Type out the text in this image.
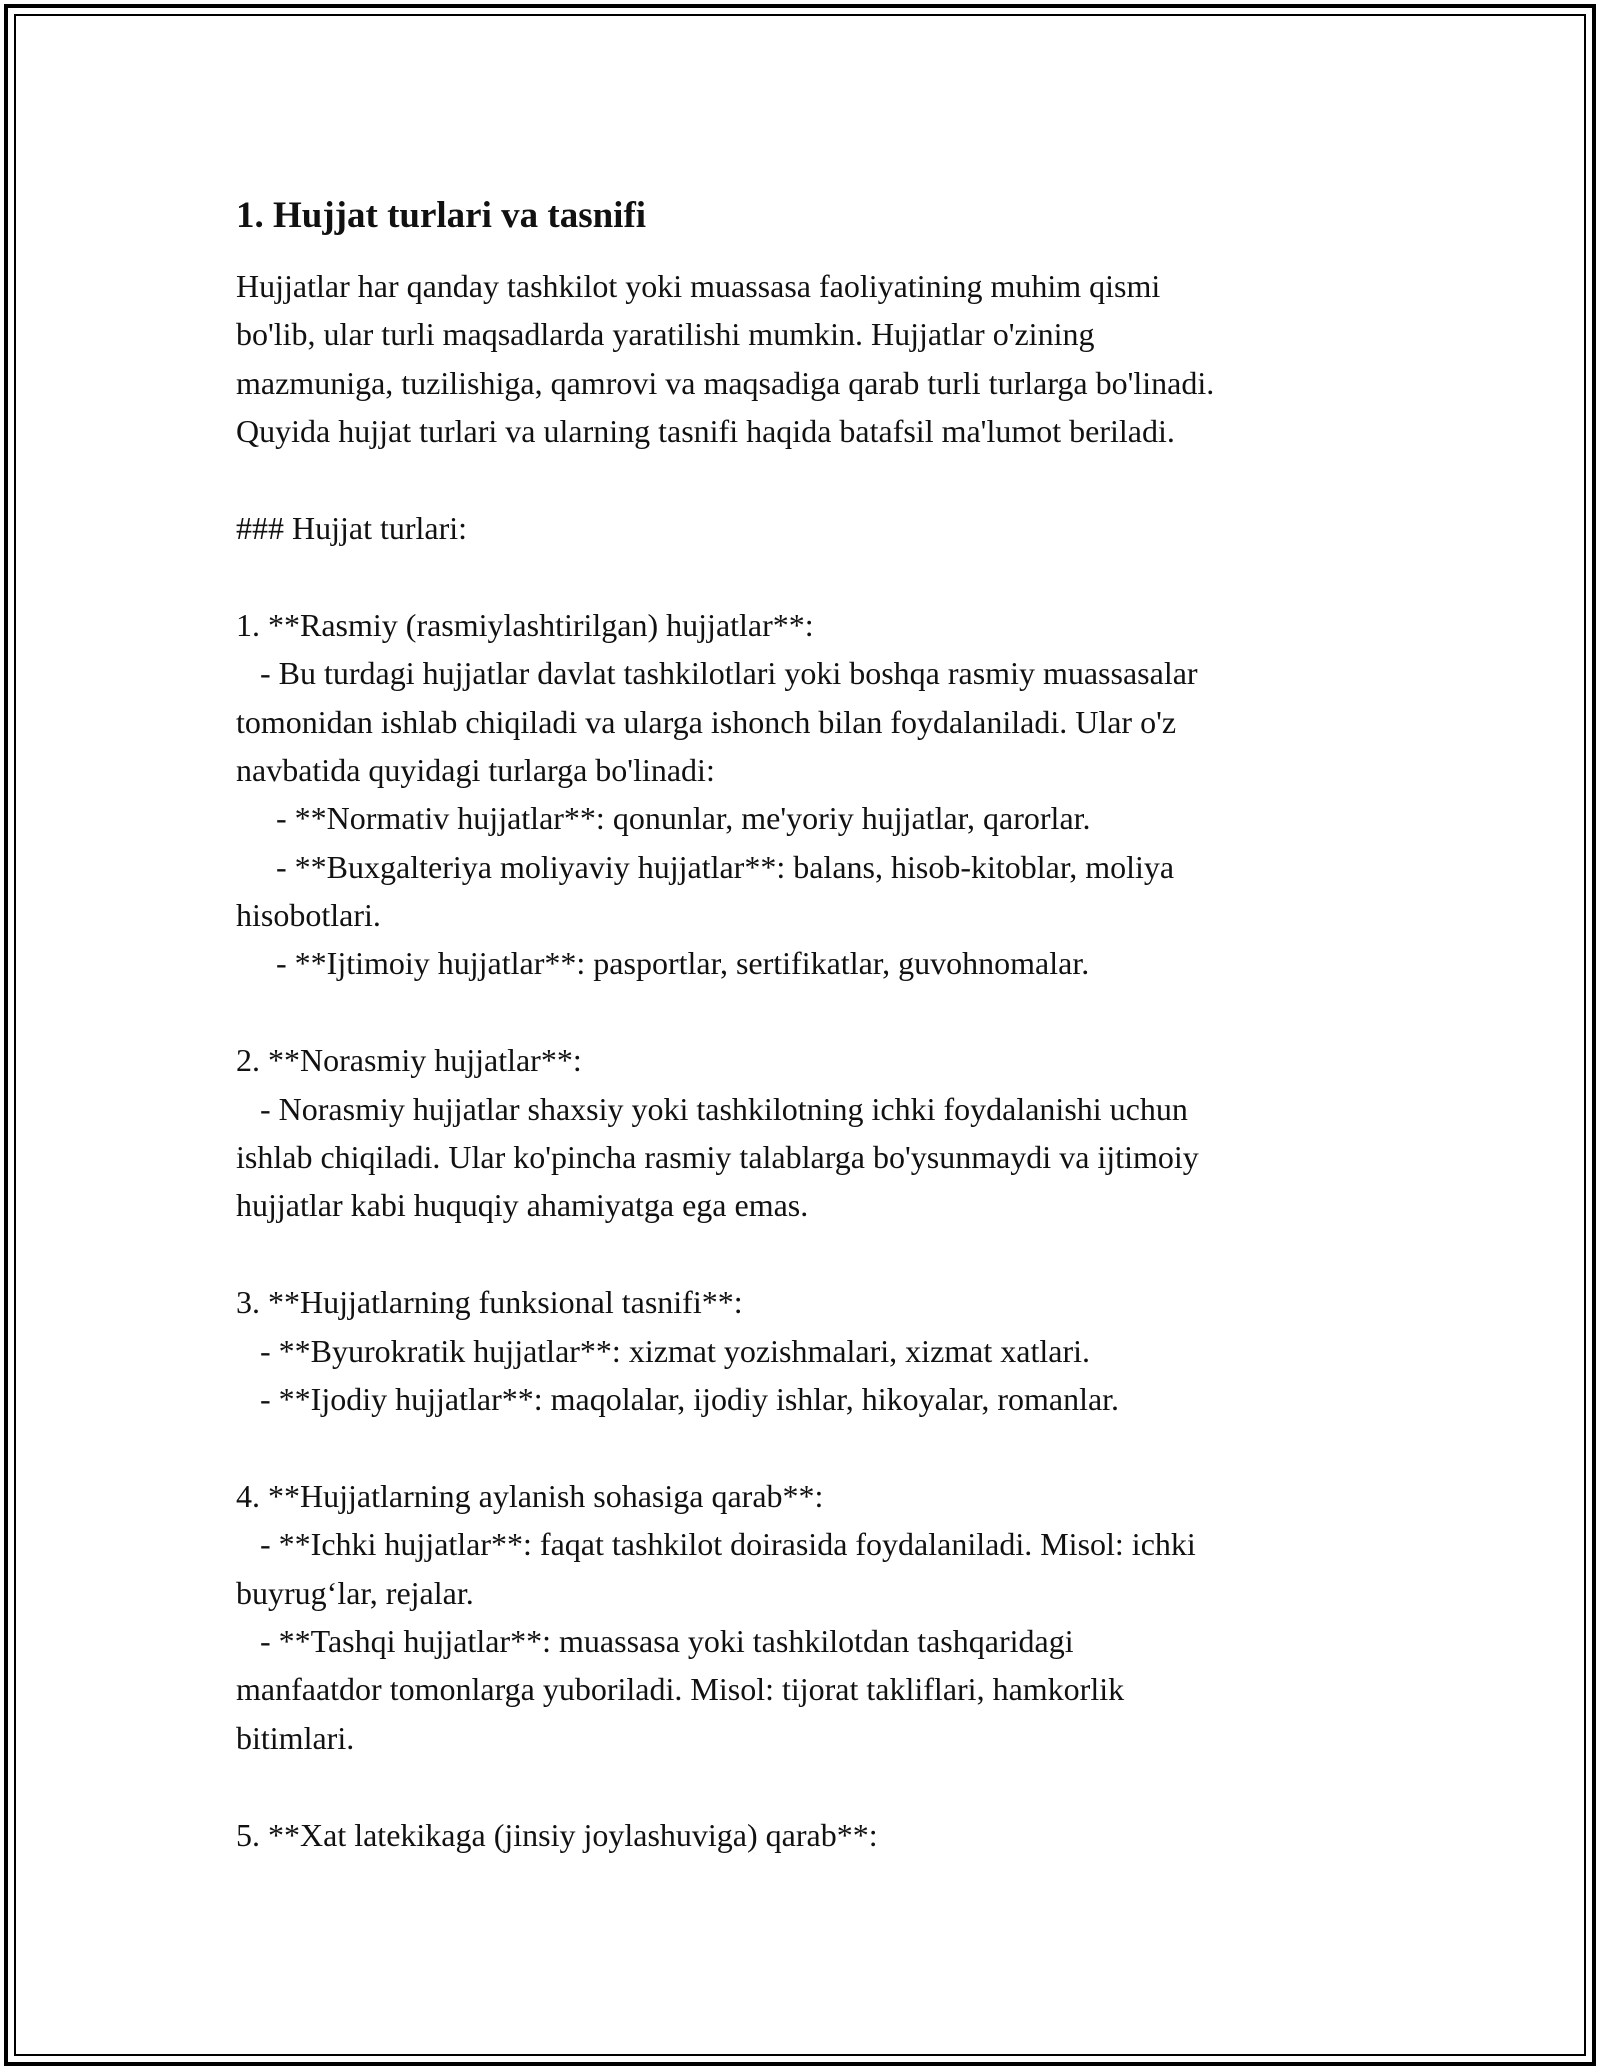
1. Hujjat turlari va tasnifi
Hujjatlar har qanday tashkilot yoki muassasa faoliyatining muhim qismi
bo'lib, ular turli maqsadlarda yaratilishi mumkin. Hujjatlar o'zining
mazmuniga, tuzilishiga, qamrovi va maqsadiga qarab turli turlarga bo'linadi.
Quyida hujjat turlari va ularning tasnifi haqida batafsil ma'lumot beriladi.
### Hujjat turlari:
1. **Rasmiy (rasmiylashtirilgan) hujjatlar**:
- Bu turdagi hujjatlar davlat tashkilotlari yoki boshqa rasmiy muassasalar
tomonidan ishlab chiqiladi va ularga ishonch bilan foydalaniladi. Ular o'z
navbatida quyidagi turlarga bo'linadi:
- **Normativ hujjatlar**: qonunlar, me'yoriy hujjatlar, qarorlar.
- **Buxgalteriya moliyaviy hujjatlar**: balans, hisob-kitoblar, moliya
hisobotlari.
- **Ijtimoiy hujjatlar**: pasportlar, sertifikatlar, guvohnomalar.
2. **Norasmiy hujjatlar**:
- Norasmiy hujjatlar shaxsiy yoki tashkilotning ichki foydalanishi uchun
ishlab chiqiladi. Ular ko'pincha rasmiy talablarga bo'ysunmaydi va ijtimoiy
hujjatlar kabi huquqiy ahamiyatga ega emas.
3. **Hujjatlarning funksional tasnifi**:
- **Byurokratik hujjatlar**: xizmat yozishmalari, xizmat xatlari.
- **Ijodiy hujjatlar**: maqolalar, ijodiy ishlar, hikoyalar, romanlar.
4. **Hujjatlarning aylanish sohasiga qarab**:
- **Ichki hujjatlar**: faqat tashkilot doirasida foydalaniladi. Misol: ichki
buyrug‘lar, rejalar.
- **Tashqi hujjatlar**: muassasa yoki tashkilotdan tashqaridagi
manfaatdor tomonlarga yuboriladi. Misol: tijorat takliflari, hamkorlik
bitimlari.
5. **Xat latekikaga (jinsiy joylashuviga) qarab**:
